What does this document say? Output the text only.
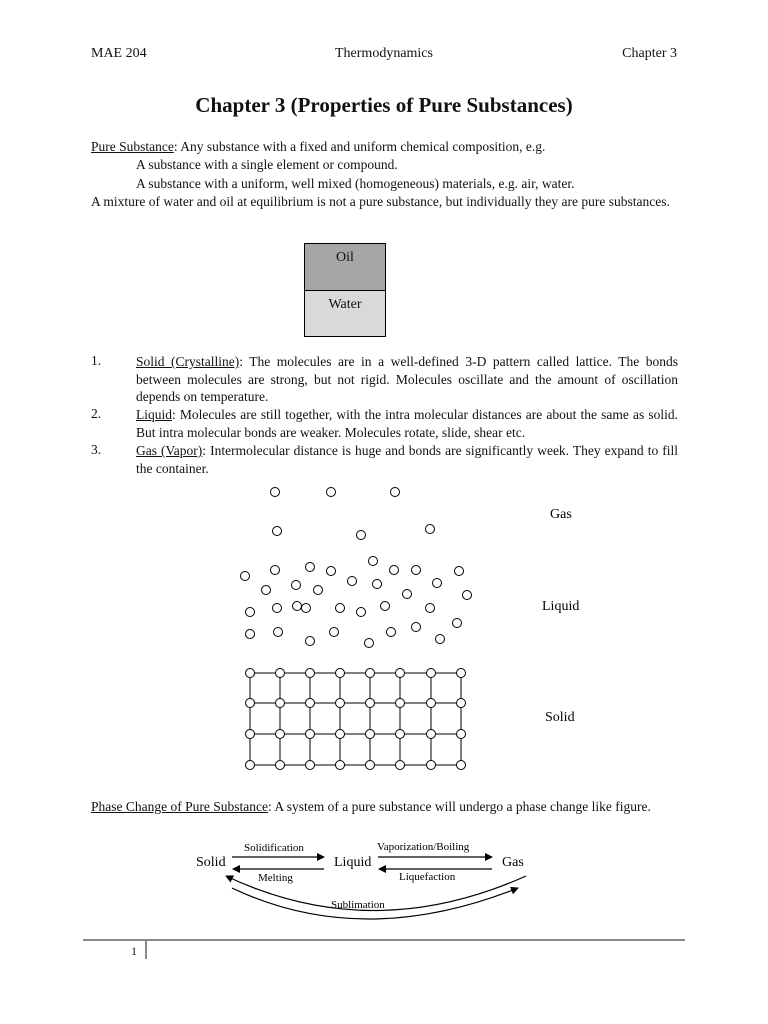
MAE 204	Thermodynamics	Chapter 3
Chapter 3 (Properties of Pure Substances)
Pure Substance: Any substance with a fixed and uniform chemical composition, e.g.
A substance with a single element or compound.
A substance with a uniform, well mixed (homogeneous) materials, e.g. air, water.
A mixture of water and oil at equilibrium is not a pure substance, but individually they are pure substances.
Oil
Water
1.	Solid (Crystalline): The molecules are in a well-defined 3-D pattern called lattice. The bonds between molecules are strong, but not rigid. Molecules oscillate and the amount of oscillation depends on temperature.
2.	Liquid: Molecules are still together, with the intra molecular distances are about the same as solid. But intra molecular bonds are weaker. Molecules rotate, slide, shear etc.
3.	Gas (Vapor): Intermolecular distance is huge and bonds are significantly week. They expand to fill the container.
Gas
Liquid
Solid
Phase Change of Pure Substance: A system of a pure substance will undergo a phase change like figure.
Solid	Liquid	Gas
Solidification
Melting
Vaporization/Boiling
Liquefaction
Sublimation
1
